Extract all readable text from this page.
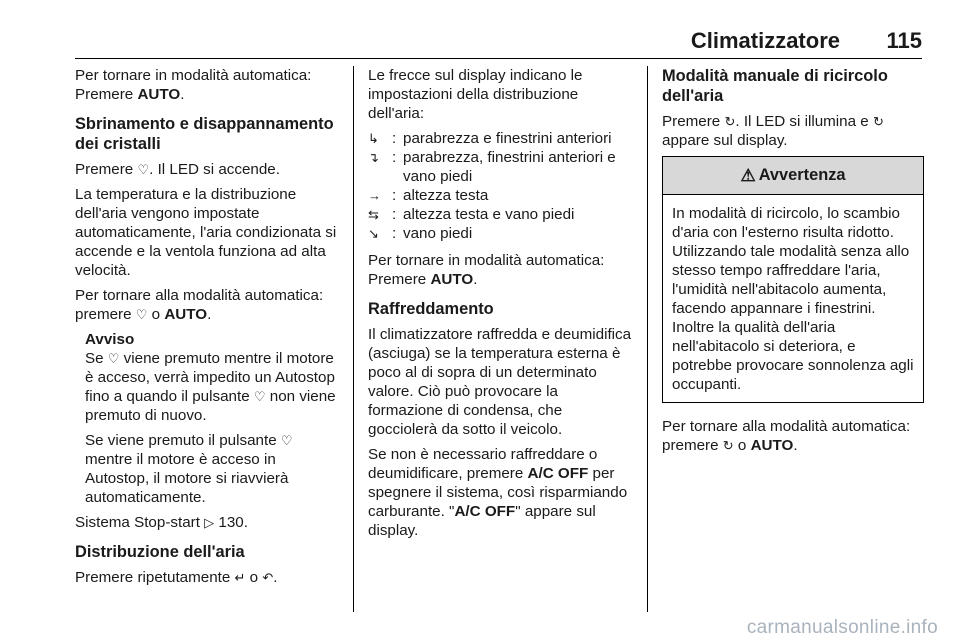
Climatizzatore 115

Per tornare in modalità automatica: Premere AUTO.

Sbrinamento e disappannamento dei cristalli

Premere ♡. Il LED si accende.

La temperatura e la distribuzione dell'aria vengono impostate automaticamente, l'aria condizionata si accende e la ventola funziona ad alta velocità.

Per tornare alla modalità automatica: premere ♡ o AUTO.

Avviso

Se ♡ viene premuto mentre il motore è acceso, verrà impedito un Autostop fino a quando il pulsante ♡ non viene premuto di nuovo.

Se viene premuto il pulsante ♡ mentre il motore è acceso in Autostop, il motore si riavvierà automaticamente.

Sistema Stop-start ▷ 130.

Distribuzione dell'aria

Premere ripetutamente ↵ o ↶.

Le frecce sul display indicano le impostazioni della distribuzione dell'aria:

↳ : parabrezza e finestrini anteriori
↴ : parabrezza, finestrini anteriori e vano piedi
→ : altezza testa
⇆ : altezza testa e vano piedi
↘ : vano piedi

Per tornare in modalità automatica: Premere AUTO.

Raffreddamento

Il climatizzatore raffredda e deumidifica (asciuga) se la temperatura esterna è poco al di sopra di un determinato valore. Ciò può provocare la formazione di condensa, che gocciolerà da sotto il veicolo.

Se non è necessario raffreddare o deumidificare, premere A/C OFF per spegnere il sistema, così risparmiando carburante. "A/C OFF" appare sul display.

Modalità manuale di ricircolo dell'aria

Premere ↻. Il LED si illumina e ↻ appare sul display.

⚠ Avvertenza
In modalità di ricircolo, lo scambio d'aria con l'esterno risulta ridotto. Utilizzando tale modalità senza allo stesso tempo raffreddare l'aria, l'umidità nell'abitacolo aumenta, facendo appannare i finestrini. Inoltre la qualità dell'aria nell'abitacolo si deteriora, e potrebbe provocare sonnolenza agli occupanti.

Per tornare alla modalità automatica: premere ↻ o AUTO.

carmanualsonline.info
